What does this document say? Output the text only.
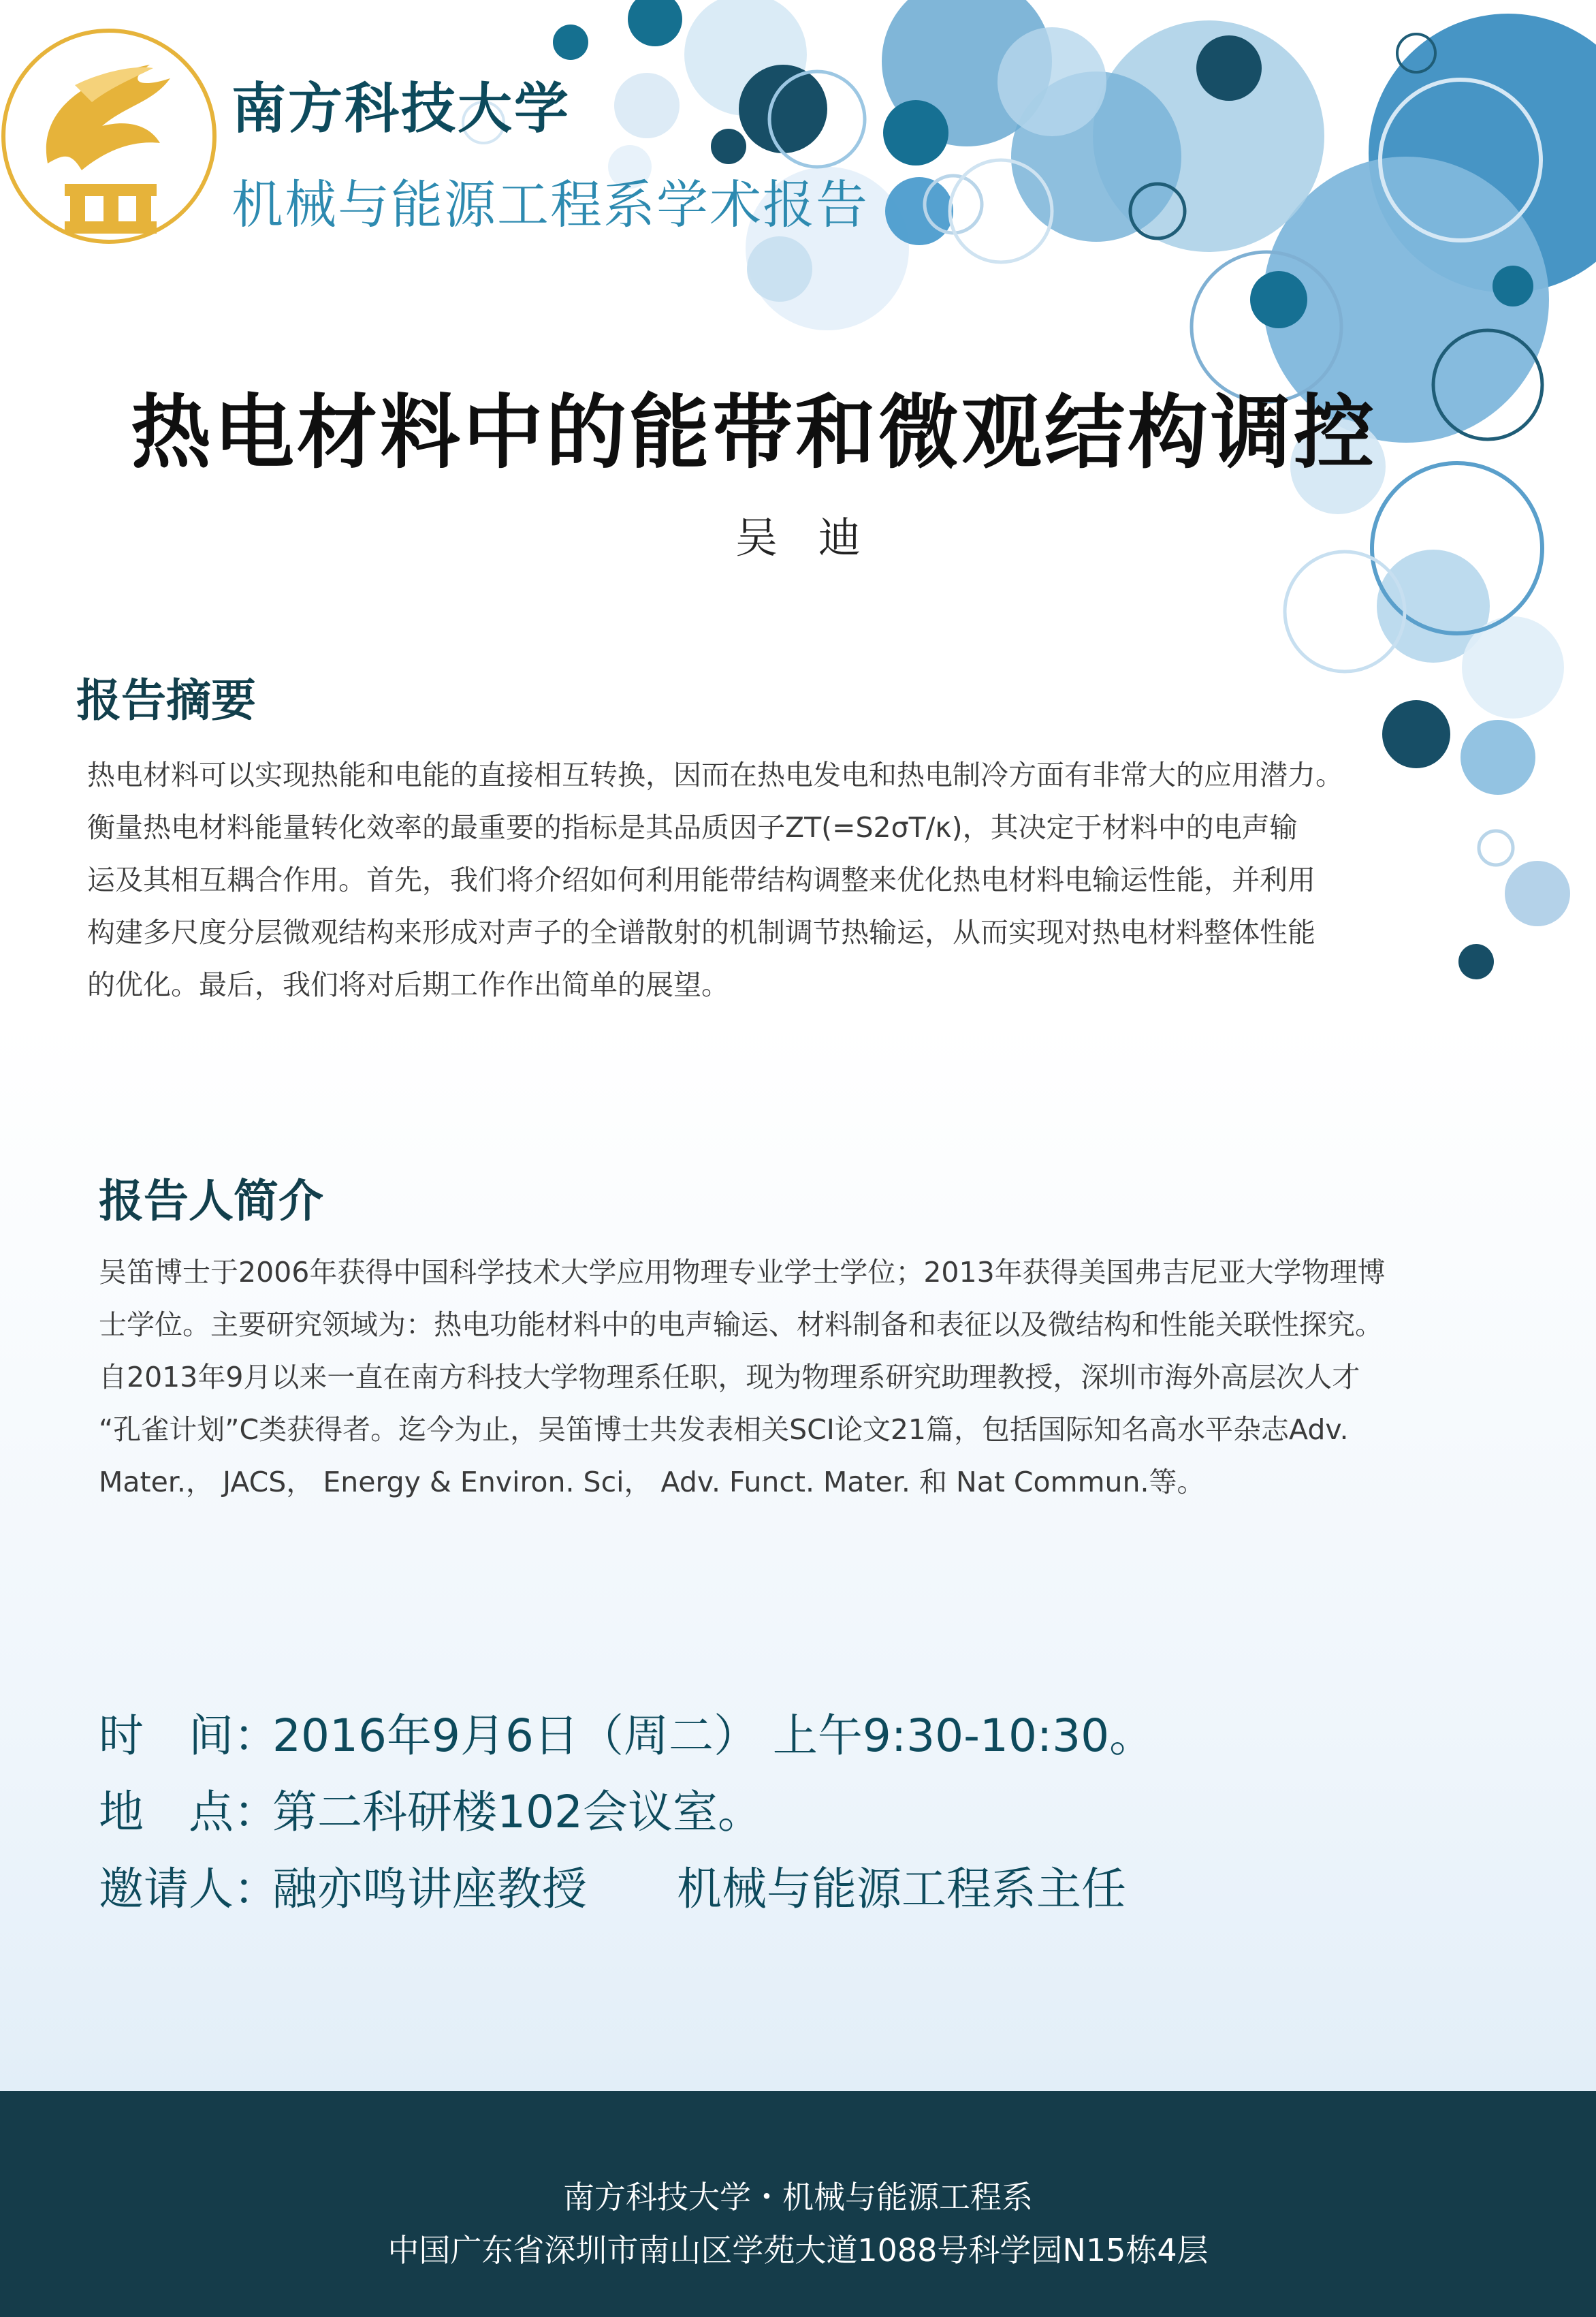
南方科技大学
机械与能源工程系学术报告
热电材料中的能带和微观结构调控
吴迪
报告摘要
热电材料可以实现热能和电能的直接相互转换，因而在热电发电和热电制冷方面有非常大的应用潜力。
衡量热电材料能量转化效率的最重要的指标是其品质因子ZT(=S2σT/κ)，其决定于材料中的电声输
运及其相互耦合作用。首先，我们将介绍如何利用能带结构调整来优化热电材料电输运性能，并利用
构建多尺度分层微观结构来形成对声子的全谱散射的机制调节热输运，从而实现对热电材料整体性能
的优化。最后，我们将对后期工作作出简单的展望。
报告人简介
吴笛博士于2006年获得中国科学技术大学应用物理专业学士学位；2013年获得美国弗吉尼亚大学物理博
士学位。主要研究领域为：热电功能材料中的电声输运、材料制备和表征以及微结构和性能关联性探究。
自2013年9月以来一直在南方科技大学物理系任职，现为物理系研究助理教授，深圳市海外高层次人才
“孔雀计划”C类获得者。迄今为止，吴笛博士共发表相关SCI论文21篇，包括国际知名高水平杂志Adv.
Mater.， JACS， Energy & Environ. Sci， Adv. Funct. Mater. 和 Nat Commun.等。
时　间：2016年9月6日（周二） 上午9:30-10:30。
地　点：第二科研楼102会议室。
邀请人：融亦鸣讲座教授　　机械与能源工程系主任
南方科技大学・机械与能源工程系
中国广东省深圳市南山区学苑大道1088号科学园N15栋4层
